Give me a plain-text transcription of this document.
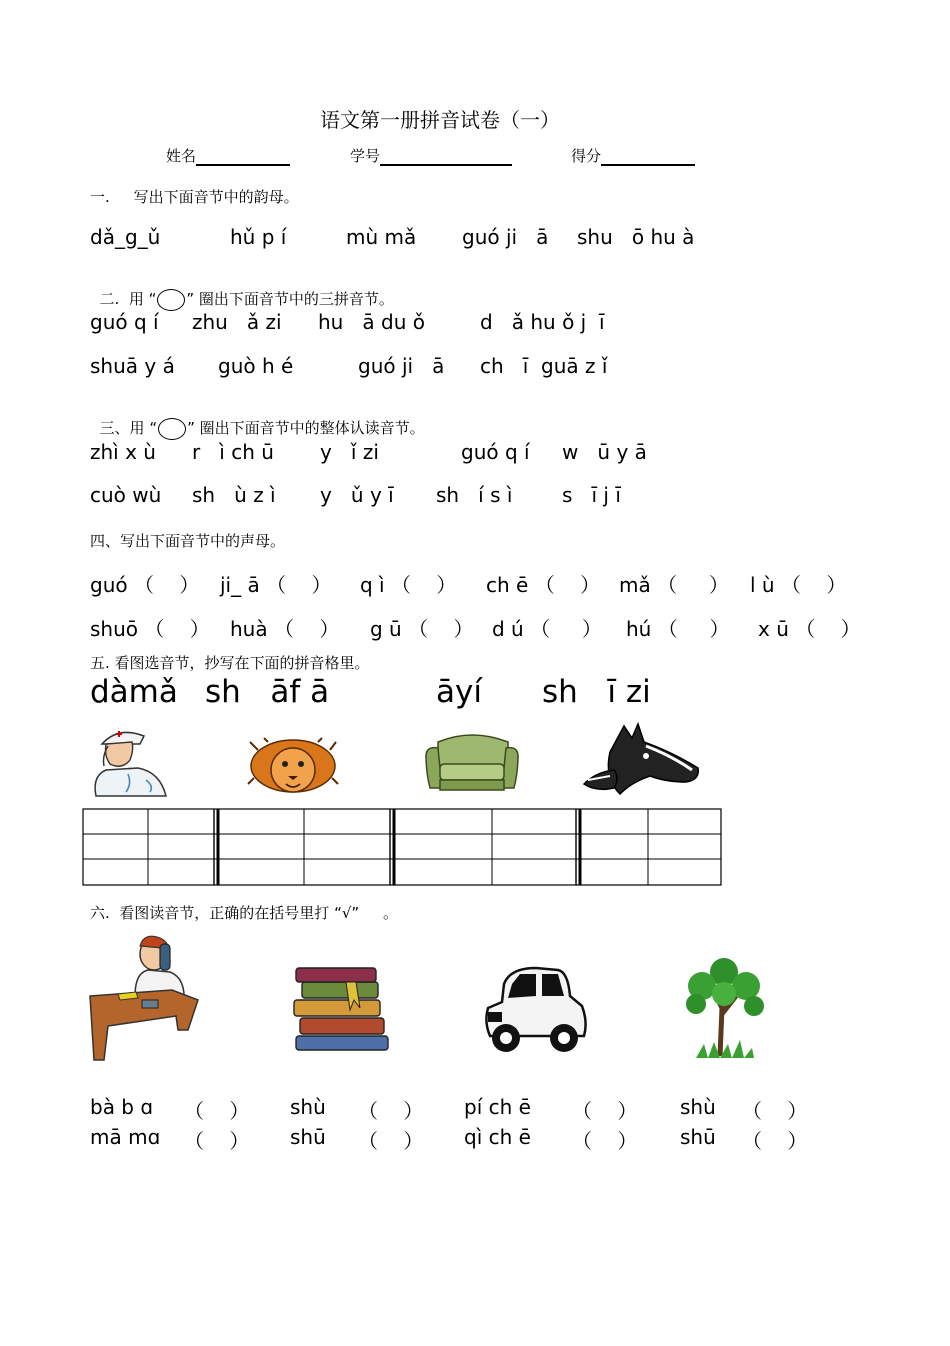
语文第一册拼音试卷（一）
姓名	学号	得分
一.     写出下面音节中的韵母。
dǎ_g_ǔ	hǔ p í	mù mǎ guó ji   ā shu   ō hu à

二.  用 “ ” 圈出下面音节中的三拼音节。

guó q í zhu   ǎ zi hu   ā du ǒ	d   ǎ hu ǒ j  ī
shuā y á guò h é	guó ji   ā ch   ī  guā z ǐ

三、用 “ ” 圈出下面音节中的整体认读音节。

zhì x ù r   ì ch ū y   ǐ zi	guó q í w   ū y ā
cuò wù sh   ù z ì y   ǔ y ī sh   í s ì s   ī j ī
四、写出下面音节中的声母。
guó （    ） ji_ ā （    ） q ì （    ） ch ē （    ） mǎ （     ） l ù （    ）
shuō （    ） huà （    ） g ū （    ） d ú （     ） hú （     ） x ū （    ）
五. 看图选音节，抄写在下面的拼音格里。
dàmǎ sh   āf ā	āyí sh   ī zi
六.  看图读音节，正确的在括号里打 “√”     。
bà b ɑ （    ）
mā mɑ （    ）
shù （    ）
shū （    ）
pí ch ē （    ）
qì ch ē （    ）
shù （    ）
shū （    ）
